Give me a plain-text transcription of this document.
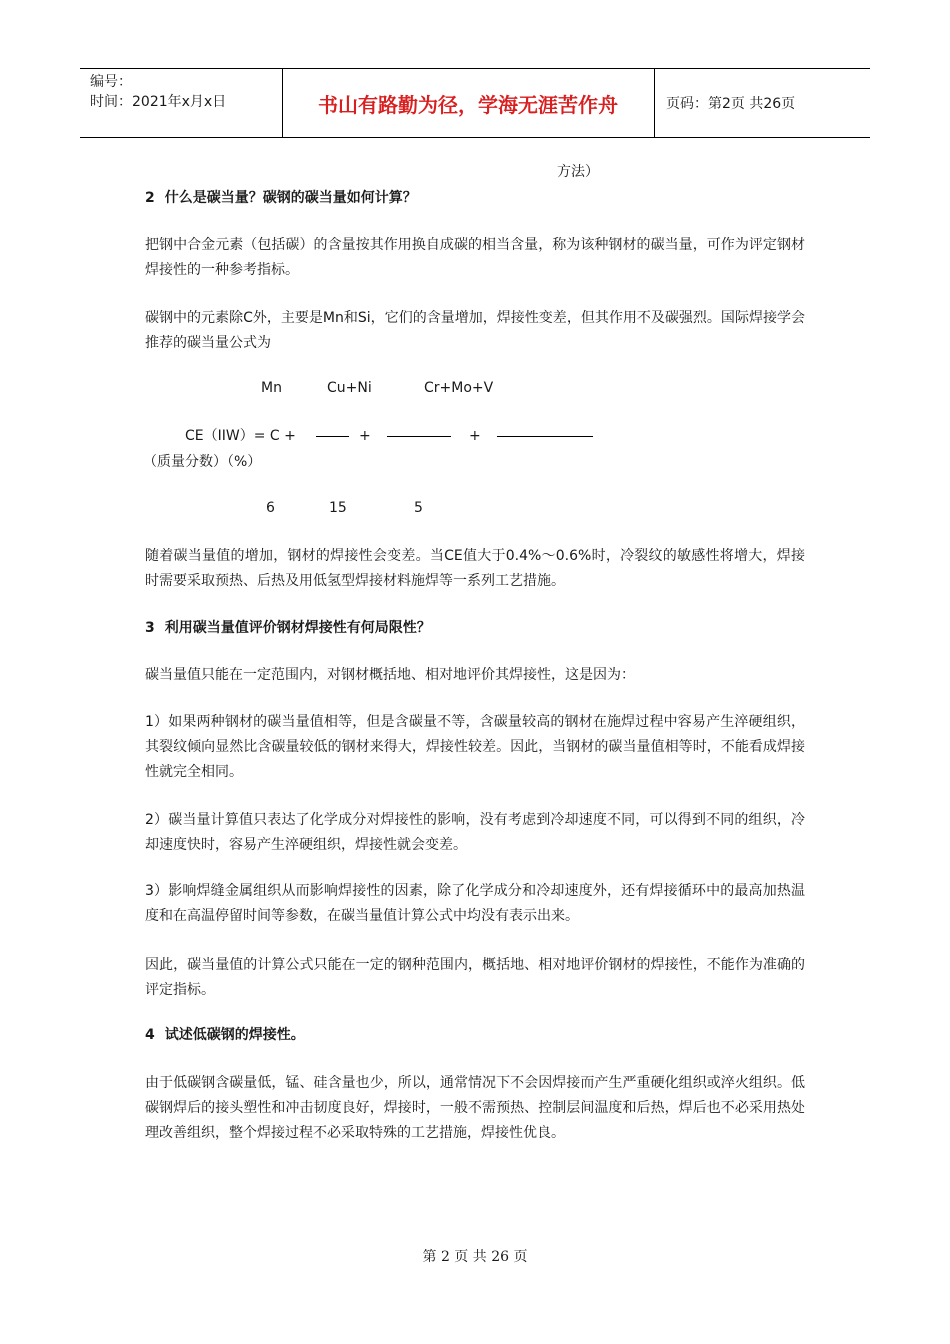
编号：
时间：2021年x月x日	书山有路勤为径，学海无涯苦作舟	页码：第2页 共26页
方法）
2 什么是碳当量？碳钢的碳当量如何计算？
把钢中合金元素（包括碳）的含量按其作用换自成碳的相当含量，称为该种钢材的碳当量，可作为评定钢材焊接性的一种参考指标。
碳钢中的元素除C外，主要是Mn和Si，它们的含量增加，焊接性变差，但其作用不及碳强烈。国际焊接学会推荐的碳当量公式为
Mn	Cu+Ni	Cr+Mo+V
CE（IIW）= C +	+	+
（质量分数）（%）
6	15	5
随着碳当量值的增加，钢材的焊接性会变差。当CE值大于0.4%～0.6%时，冷裂纹的敏感性将增大，焊接时需要采取预热、后热及用低氢型焊接材料施焊等一系列工艺措施。
3 利用碳当量值评价钢材焊接性有何局限性？
碳当量值只能在一定范围内，对钢材概括地、相对地评价其焊接性，这是因为：
1）如果两种钢材的碳当量值相等，但是含碳量不等，含碳量较高的钢材在施焊过程中容易产生淬硬组织，其裂纹倾向显然比含碳量较低的钢材来得大，焊接性较差。因此，当钢材的碳当量值相等时，不能看成焊接性就完全相同。
2）碳当量计算值只表达了化学成分对焊接性的影响，没有考虑到冷却速度不同，可以得到不同的组织，冷却速度快时，容易产生淬硬组织，焊接性就会变差。
3）影响焊缝金属组织从而影响焊接性的因素，除了化学成分和冷却速度外，还有焊接循环中的最高加热温度和在高温停留时间等参数，在碳当量值计算公式中均没有表示出来。
因此，碳当量值的计算公式只能在一定的钢种范围内，概括地、相对地评价钢材的焊接性，不能作为准确的评定指标。
4 试述低碳钢的焊接性。
由于低碳钢含碳量低，锰、硅含量也少，所以，通常情况下不会因焊接而产生严重硬化组织或淬火组织。低碳钢焊后的接头塑性和冲击韧度良好，焊接时，一般不需预热、控制层间温度和后热，焊后也不必采用热处理改善组织，整个焊接过程不必采取特殊的工艺措施，焊接性优良。
第 2 页 共 26 页
